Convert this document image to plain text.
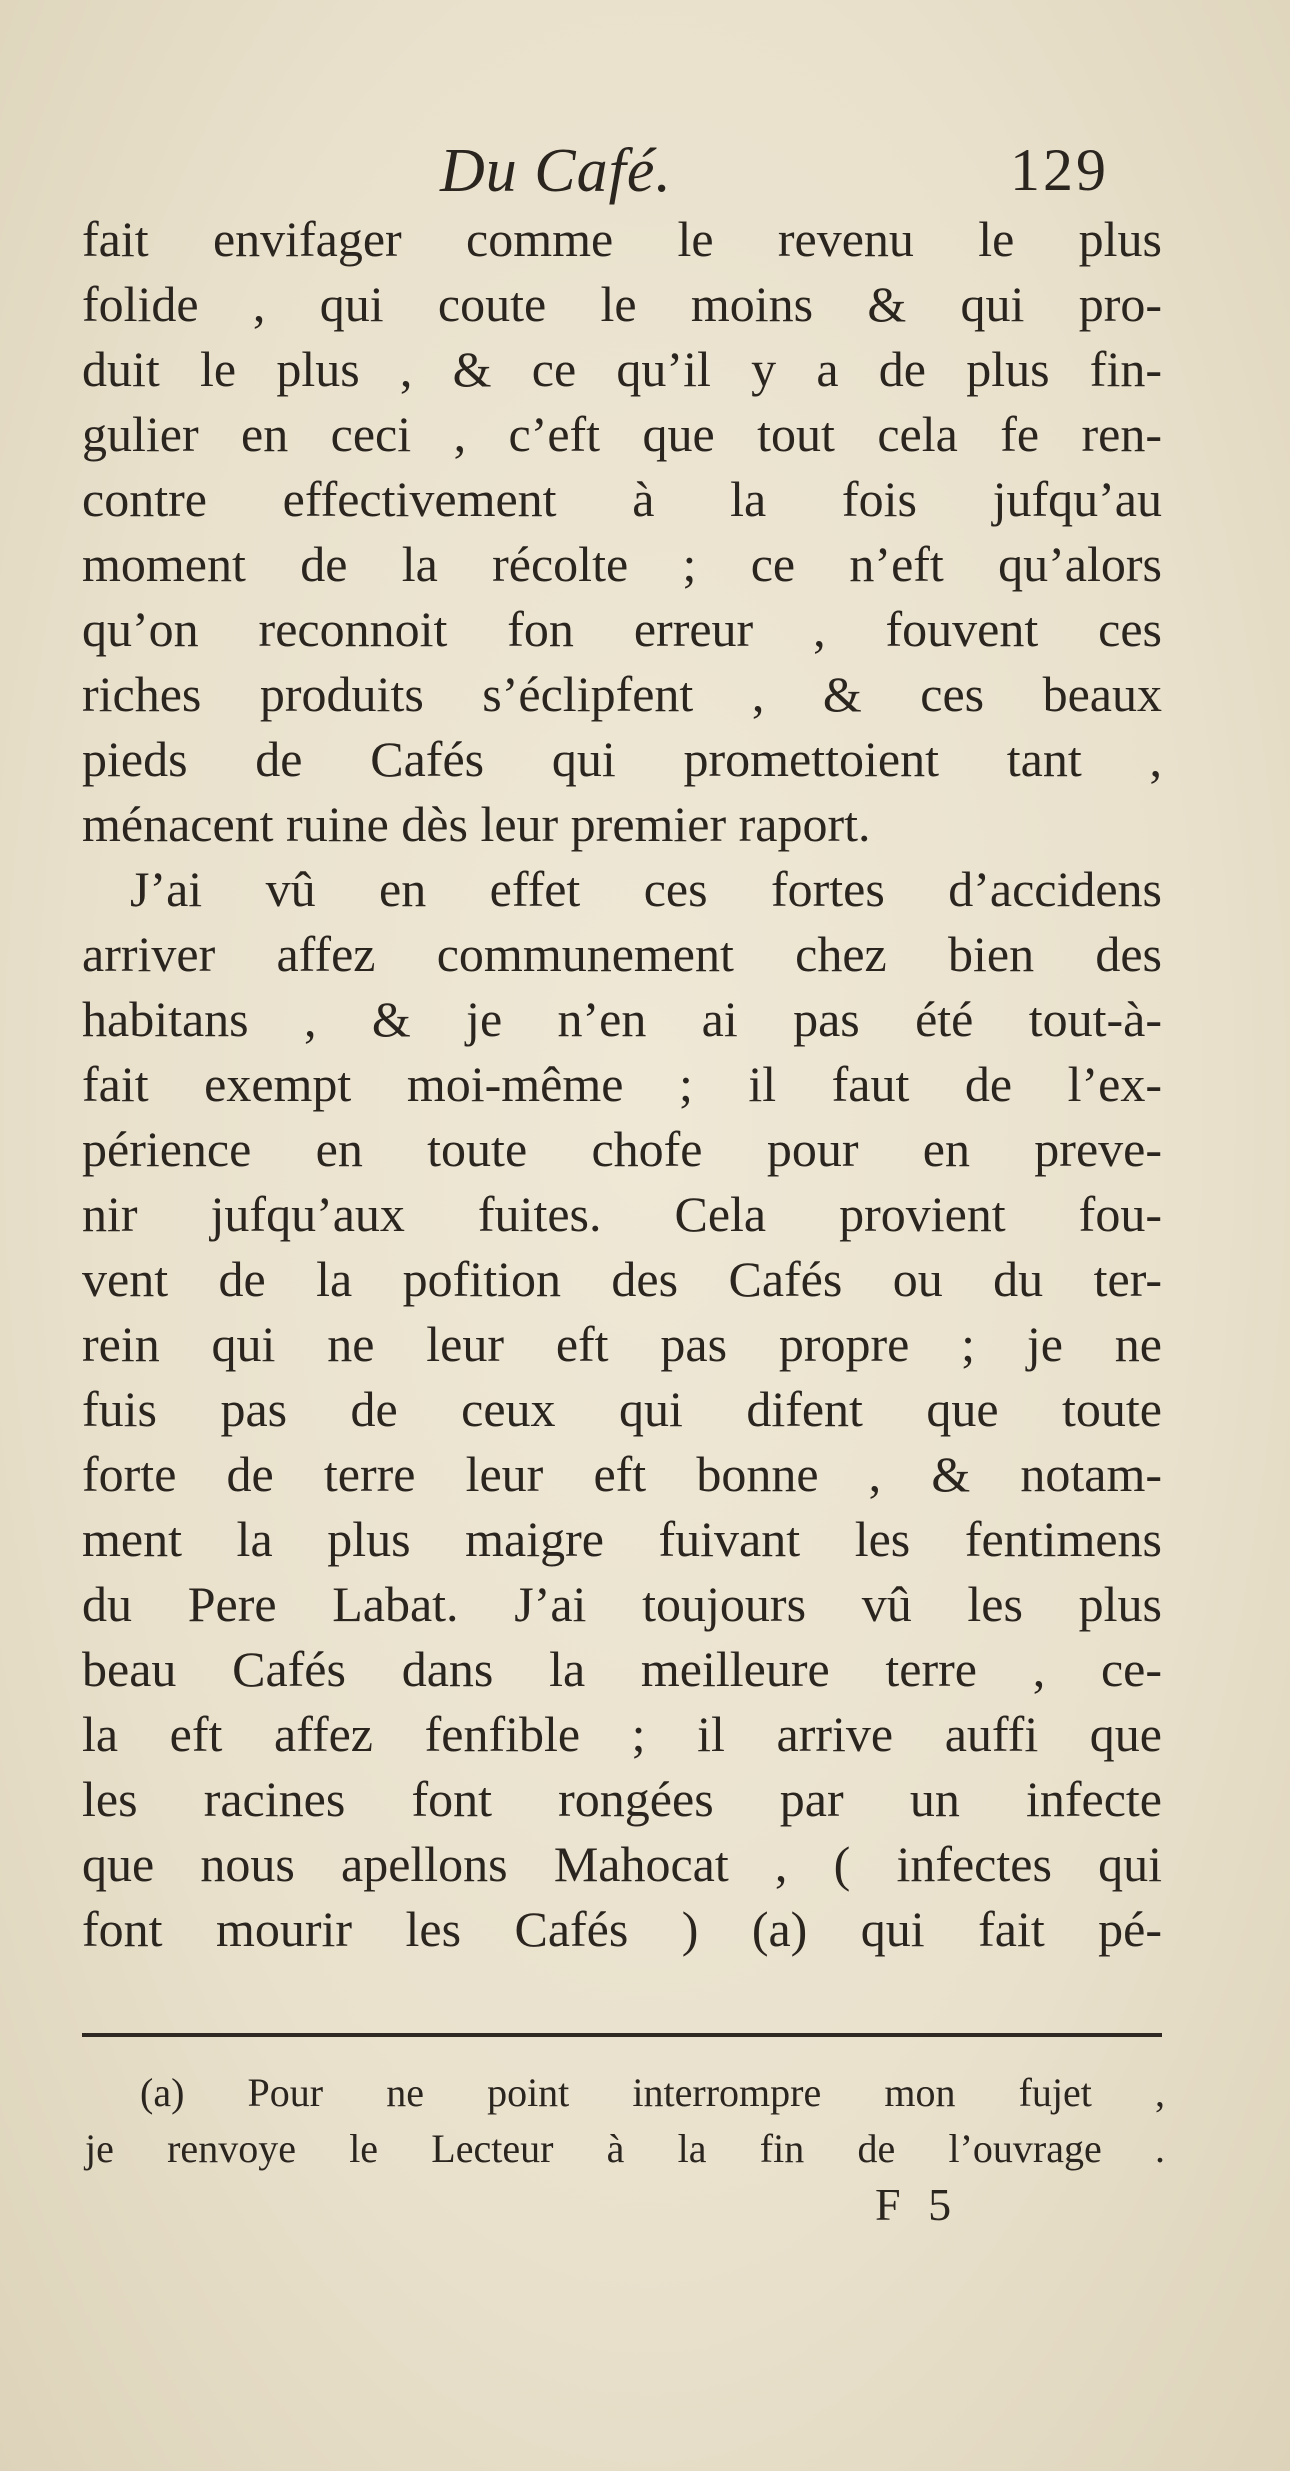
Du Café.	129
fait envifager comme le revenu le plus
folide , qui coute le moins & qui pro-
duit le plus , & ce qu’il y a de plus fin-
gulier en ceci , c’eft que tout cela fe ren-
contre effectivement à la fois jufqu’au
moment de la récolte ; ce n’eft qu’alors
qu’on reconnoit fon erreur , fouvent ces
riches produits s’éclipfent , & ces beaux
pieds de Cafés qui promettoient tant ,
ménacent ruine dès leur premier raport.
J’ai vû en effet ces fortes d’accidens
arriver affez communement chez bien des
habitans , & je n’en ai pas été tout-à-
fait exempt moi-même ; il faut de l’ex-
périence en toute chofe pour en preve-
nir jufqu’aux fuites. Cela provient fou-
vent de la pofition des Cafés ou du ter-
rein qui ne leur eft pas propre ; je ne
fuis pas de ceux qui difent que toute
forte de terre leur eft bonne , & notam-
ment la plus maigre fuivant les fentimens
du Pere Labat. J’ai toujours vû les plus
beau Cafés dans la meilleure terre , ce-
la eft affez fenfible ; il arrive auffi que
les racines font rongées par un infecte
que nous apellons Mahocat , ( infectes qui
font mourir les Cafés ) (a) qui fait pé-
(a) Pour ne point interrompre mon fujet ,
je renvoye le Lecteur à la fin de l’ouvrage .
F 5
